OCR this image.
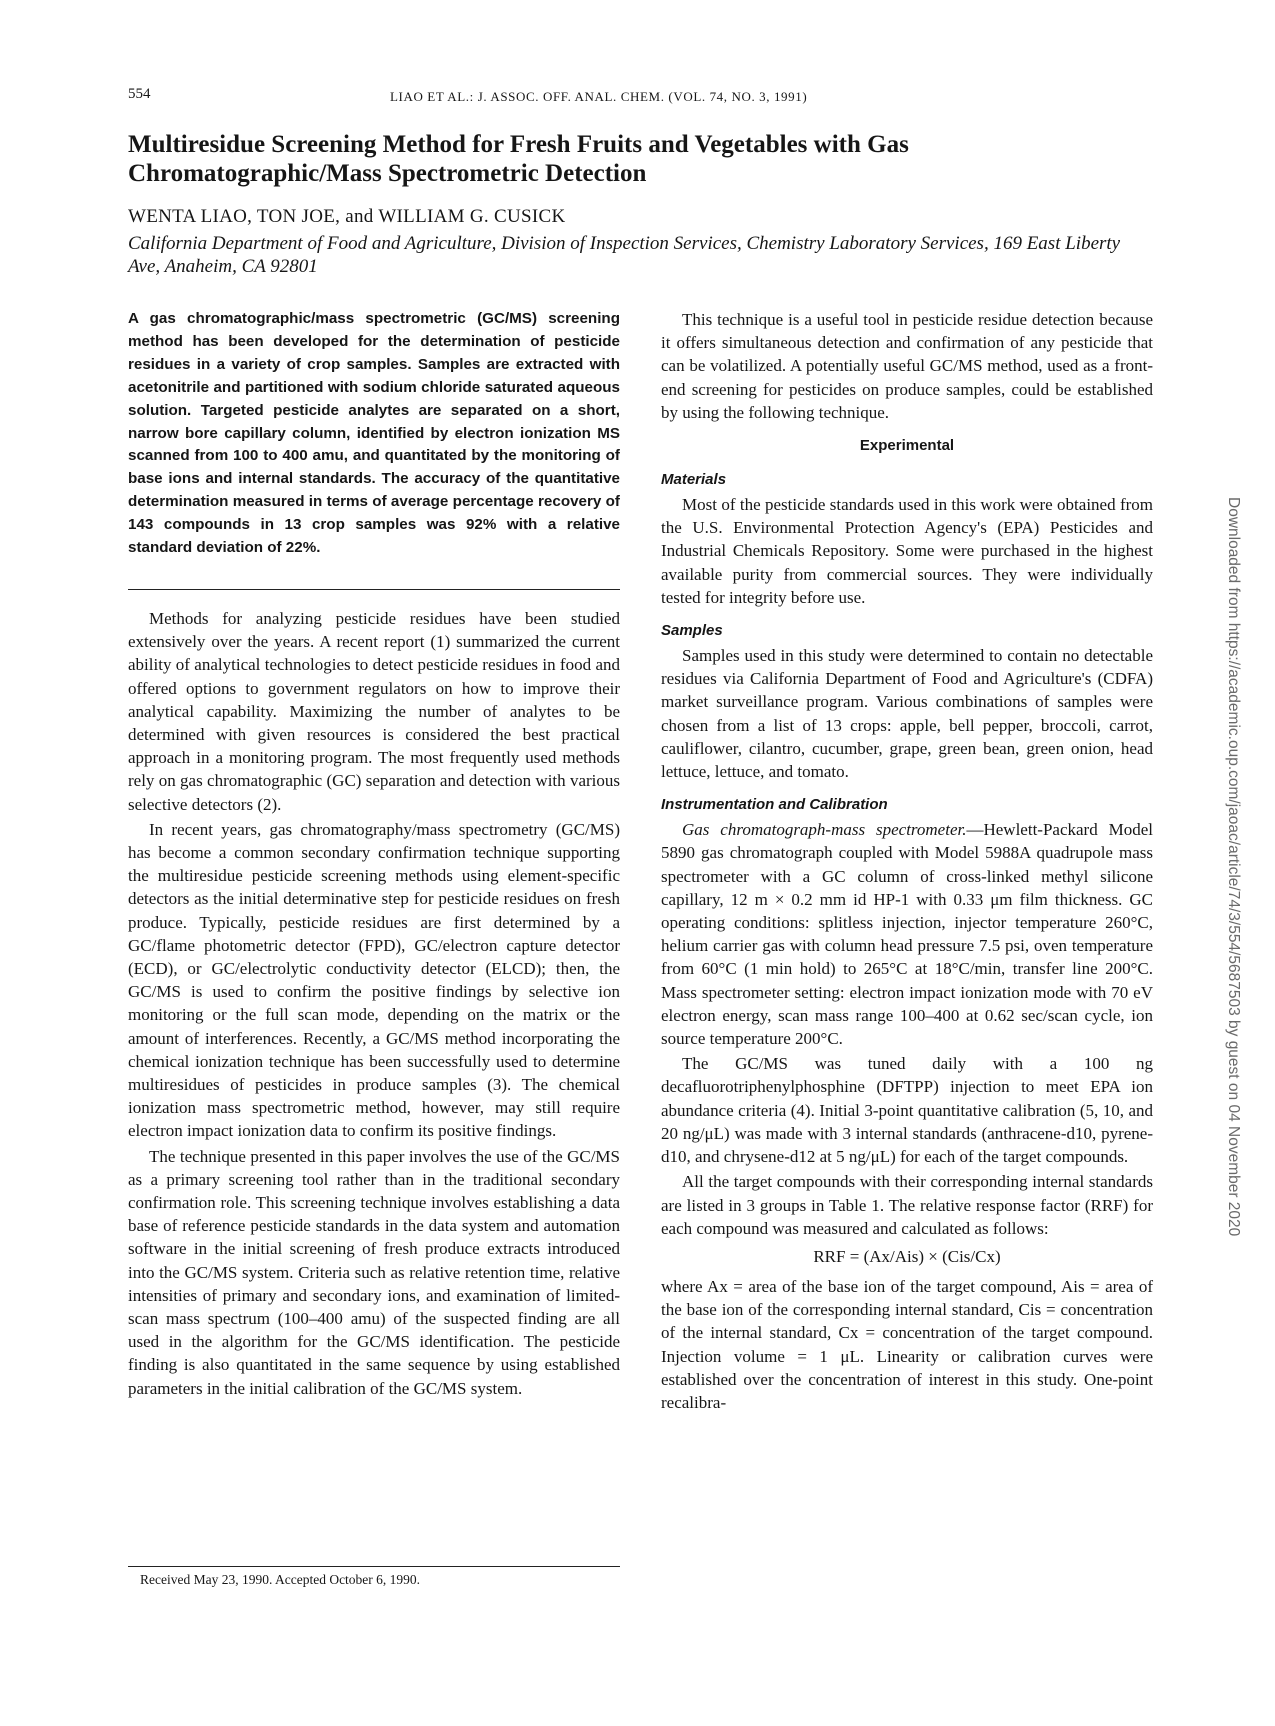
554	LIAO ET AL.: J. ASSOC. OFF. ANAL. CHEM. (VOL. 74, NO. 3, 1991)
Multiresidue Screening Method for Fresh Fruits and Vegetables with Gas Chromatographic/Mass Spectrometric Detection
WENTA LIAO, TON JOE, and WILLIAM G. CUSICK
California Department of Food and Agriculture, Division of Inspection Services, Chemistry Laboratory Services, 169 East Liberty Ave, Anaheim, CA 92801

A gas chromatographic/mass spectrometric (GC/MS) screening method has been developed for the determination of pesticide residues in a variety of crop samples. Samples are extracted with acetonitrile and partitioned with sodium chloride saturated aqueous solution. Targeted pesticide analytes are separated on a short, narrow bore capillary column, identified by electron ionization MS scanned from 100 to 400 amu, and quantitated by the monitoring of base ions and internal standards. The accuracy of the quantitative determination measured in terms of average percentage recovery of 143 compounds in 13 crop samples was 92% with a relative standard deviation of 22%.

Methods for analyzing pesticide residues have been studied extensively over the years. A recent report (1) summarized the current ability of analytical technologies to detect pesticide residues in food and offered options to government regulators on how to improve their analytical capability. Maximizing the number of analytes to be determined with given resources is considered the best practical approach in a monitoring program. The most frequently used methods rely on gas chromatographic (GC) separation and detection with various selective detectors (2).

In recent years, gas chromatography/mass spectrometry (GC/MS) has become a common secondary confirmation technique supporting the multiresidue pesticide screening methods using element-specific detectors as the initial determinative step for pesticide residues on fresh produce. Typically, pesticide residues are first determined by a GC/flame photometric detector (FPD), GC/electron capture detector (ECD), or GC/electrolytic conductivity detector (ELCD); then, the GC/MS is used to confirm the positive findings by selective ion monitoring or the full scan mode, depending on the matrix or the amount of interferences. Recently, a GC/MS method incorporating the chemical ionization technique has been successfully used to determine multiresidues of pesticides in produce samples (3). The chemical ionization mass spectrometric method, however, may still require electron impact ionization data to confirm its positive findings.

The technique presented in this paper involves the use of the GC/MS as a primary screening tool rather than in the traditional secondary confirmation role. This screening technique involves establishing a data base of reference pesticide standards in the data system and automation software in the initial screening of fresh produce extracts introduced into the GC/MS system. Criteria such as relative retention time, relative intensities of primary and secondary ions, and examination of limited-scan mass spectrum (100–400 amu) of the suspected finding are all used in the algorithm for the GC/MS identification. The pesticide finding is also quantitated in the same sequence by using established parameters in the initial calibration of the GC/MS system.

This technique is a useful tool in pesticide residue detection because it offers simultaneous detection and confirmation of any pesticide that can be volatilized. A potentially useful GC/MS method, used as a front-end screening for pesticides on produce samples, could be established by using the following technique.

Experimental
Materials

Most of the pesticide standards used in this work were obtained from the U.S. Environmental Protection Agency's (EPA) Pesticides and Industrial Chemicals Repository. Some were purchased in the highest available purity from commercial sources. They were individually tested for integrity before use.

Samples

Samples used in this study were determined to contain no detectable residues via California Department of Food and Agriculture's (CDFA) market surveillance program. Various combinations of samples were chosen from a list of 13 crops: apple, bell pepper, broccoli, carrot, cauliflower, cilantro, cucumber, grape, green bean, green onion, head lettuce, lettuce, and tomato.

Instrumentation and Calibration

Gas chromatograph-mass spectrometer.—Hewlett-Packard Model 5890 gas chromatograph coupled with Model 5988A quadrupole mass spectrometer with a GC column of cross-linked methyl silicone capillary, 12 m × 0.2 mm id HP-1 with 0.33 μm film thickness. GC operating conditions: splitless injection, injector temperature 260°C, helium carrier gas with column head pressure 7.5 psi, oven temperature from 60°C (1 min hold) to 265°C at 18°C/min, transfer line 200°C. Mass spectrometer setting: electron impact ionization mode with 70 eV electron energy, scan mass range 100–400 at 0.62 sec/scan cycle, ion source temperature 200°C.

The GC/MS was tuned daily with a 100 ng decafluorotriphenylphosphine (DFTPP) injection to meet EPA ion abundance criteria (4). Initial 3-point quantitative calibration (5, 10, and 20 ng/μL) was made with 3 internal standards (anthracene-d10, pyrene-d10, and chrysene-d12 at 5 ng/μL) for each of the target compounds.

All the target compounds with their corresponding internal standards are listed in 3 groups in Table 1. The relative response factor (RRF) for each compound was measured and calculated as follows:

RRF = (Ax/Ais) × (Cis/Cx)

where Ax = area of the base ion of the target compound, Ais = area of the base ion of the corresponding internal standard, Cis = concentration of the internal standard, Cx = concentration of the target compound. Injection volume = 1 μL. Linearity or calibration curves were established over the concentration of interest in this study. One-point recalibra-

Received May 23, 1990. Accepted October 6, 1990.
Downloaded from https://academic.oup.com/jaoac/article/74/3/554/5687503 by guest on 04 November 2020
